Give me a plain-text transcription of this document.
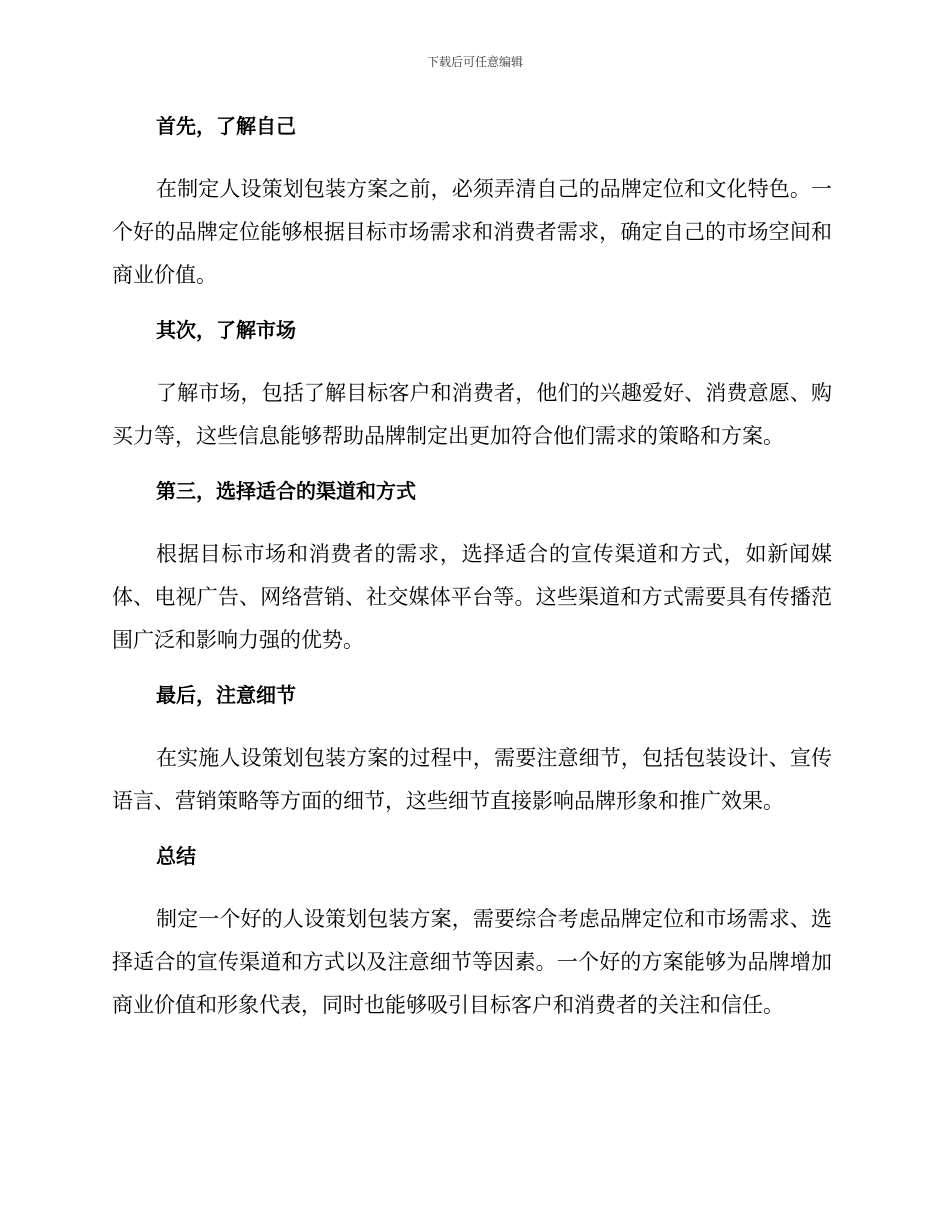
下载后可任意编辑
首先，了解自己

在制定人设策划包装方案之前，必须弄清自己的品牌定位和文化特色。一个好的品牌定位能够根据目标市场需求和消费者需求，确定自己的市场空间和商业价值。

其次，了解市场

了解市场，包括了解目标客户和消费者，他们的兴趣爱好、消费意愿、购买力等，这些信息能够帮助品牌制定出更加符合他们需求的策略和方案。

第三，选择适合的渠道和方式

根据目标市场和消费者的需求，选择适合的宣传渠道和方式，如新闻媒体、电视广告、网络营销、社交媒体平台等。这些渠道和方式需要具有传播范围广泛和影响力强的优势。

最后，注意细节

在实施人设策划包装方案的过程中，需要注意细节，包括包装设计、宣传语言、营销策略等方面的细节，这些细节直接影响品牌形象和推广效果。

总结

制定一个好的人设策划包装方案，需要综合考虑品牌定位和市场需求、选择适合的宣传渠道和方式以及注意细节等因素。一个好的方案能够为品牌增加商业价值和形象代表，同时也能够吸引目标客户和消费者的关注和信任。
